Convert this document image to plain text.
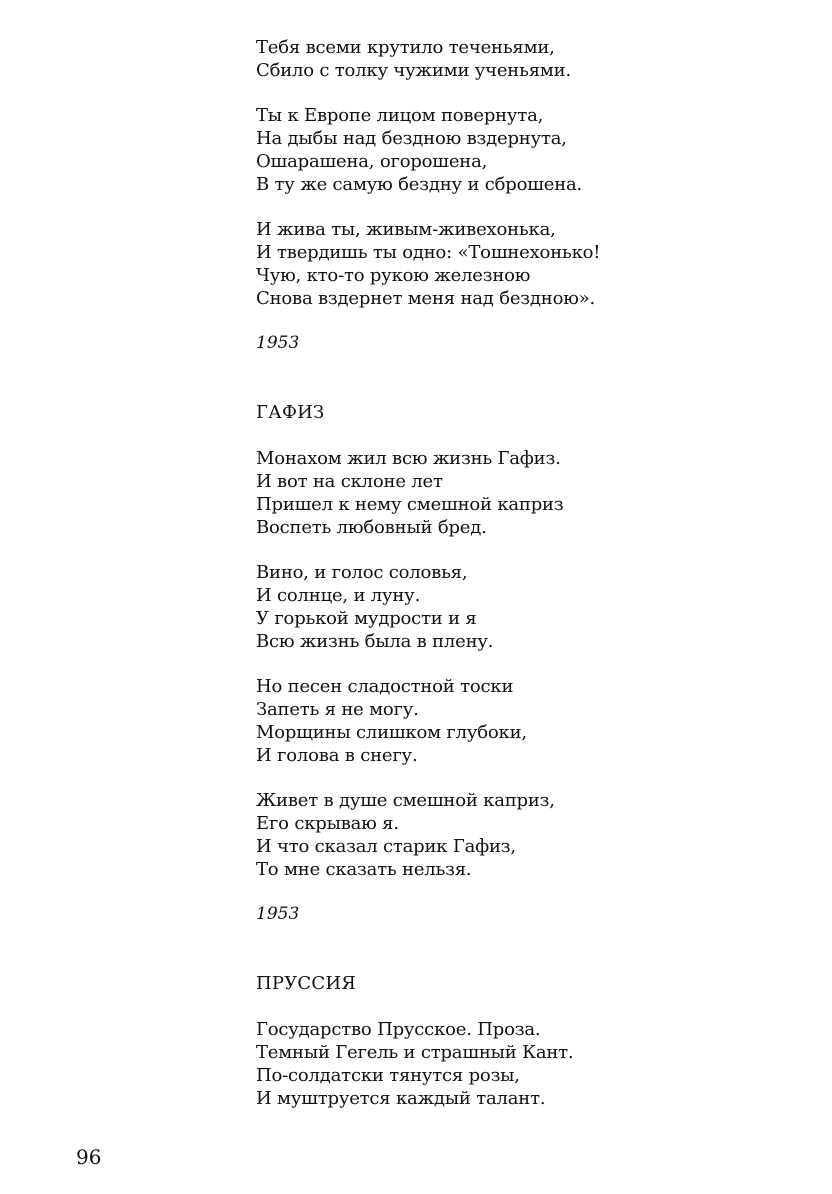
Тебя всеми крутило теченьями,
Сбило с толку чужими ученьями.
Ты к Европе лицом повернута,
На дыбы над бездною вздернута,
Ошарашена, огорошена,
В ту же самую бездну и сброшена.
И жива ты, живым-живехонька,
И твердишь ты одно: «Тошнехонько!
Чую, кто-то рукою железною
Снова вздернет меня над бездною».
1953
ГАФИЗ
Монахом жил всю жизнь Гафиз.
И вот на склоне лет
Пришел к нему смешной каприз
Воспеть любовный бред.
Вино, и голос соловья,
И солнце, и луну.
У горькой мудрости и я
Всю жизнь была в плену.
Но песен сладостной тоски
Запеть я не могу.
Морщины слишком глубоки,
И голова в снегу.
Живет в душе смешной каприз,
Его скрываю я.
И что сказал старик Гафиз,
То мне сказать нельзя.
1953
ПРУССИЯ
Государство Прусское. Проза.
Темный Гегель и страшный Кант.
По-солдатски тянутся розы,
И муштруется каждый талант.
96
